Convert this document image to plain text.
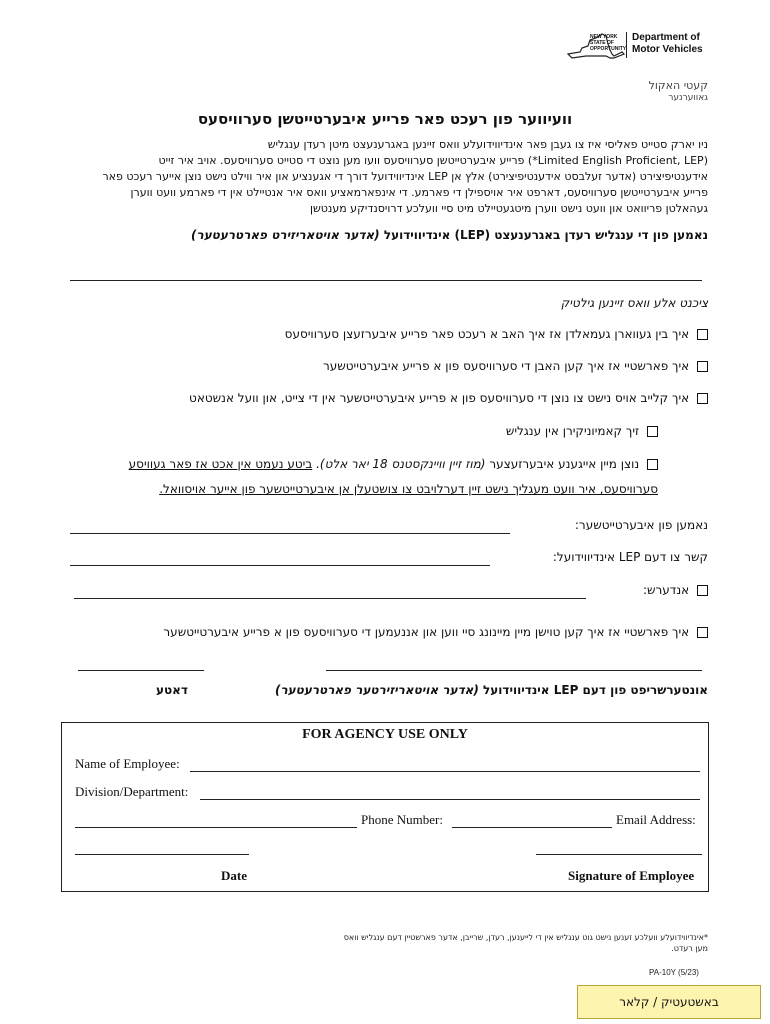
NEW YORK STATE OF OPPORTUNITY
Department of
Motor Vehicles
קעטי האקול
גאווערנער
וועיווער פון רעכט פאר פרייע איבערטייטשן סערוויסעס
ניו יארק סטייט פאליסי איז צו געבן פאר אינדיווידועלע וואס זיינען באגרענעצט מיטן רעדן ענגליש
(Limited English Proficient, LEP*) פרייע איבערטייטשן סערוויסעס וועו מען נוצט די סטייט סערוויסעס. אויב איר זייט
אידענטיפיצירט (אדער זעלבסט אידענטיפיצירט) אלץ אן LEP אינדיווידועל דורך די אגענציע און איר ווילט נישט נוצן אייער רעכט פאר
פרייע איבערטייטשן סערוויסעס, דארפט איר אויספילן די פארמע. די אינפארמאציע וואס איר אנטיילט אין די פארמע וועט ווערן
געהאלטן פריוואט און וועט נישט ווערן מיטגעטיילט מיט סיי וועלכע דרויסנדיקע מענטשן
נאמען פון די ענגליש רעדן באגרענעצט (LEP) אינדיווידועל (אדער אויטאריזירט פארטרעטער)
ציכנט אלע וואס זיינען גילטיק
איך בין געווארן געמאלדן אז איך האב א רעכט פאר פרייע איבערזעצן סערוויסעס
איך פארשטיי אז איך קען האבן די סערוויסעס פון א פרייע איבערטייטשער
איך קלייב אויס נישט צו נוצן די סערוויסעס פון א פרייע איבערטייטשער אין די צייט, און וועל אנשטאט
זיך קאמיוניקירן אין ענגליש
נוצן מיין אייגענע איבערזעצער (מוז זיין וויינקסטנס 18 יאר אלט). ביטע נעמט אין אכט אז פאר געוויסע
סערוויסעס, איר וועט מעגליך נישט זיין דערלויבט צו צושטעלן אן איבערטייטשער פון אייער אויסוואל.
נאמען פון איבערטייטשער:
קשר צו דעם LEP אינדיווידועל:
אנדערש:
איך פארשטיי אז איך קען טוישן מיין מיינונג סיי ווען און אננעמען די סערוויסעס פון א פרייע איבערטייטשער
אונטערשריפט פון דעם LEP אינדיווידועל (אדער אויטאריזירטער פארטרעטער)
דאטע
FOR AGENCY USE ONLY
Name of Employee:
Division/Department:
Phone Number:	Email Address:
Date	Signature of Employee
*אינדיווידועלע וועלכע זענען נישט גוט ענגליש אין די לייענען, רעדן, שרייבן, אדער פארשטיין דעם ענגליש וואס
מען רעדט.
PA-10Y (5/23)
באשטעטיק / קלאר
